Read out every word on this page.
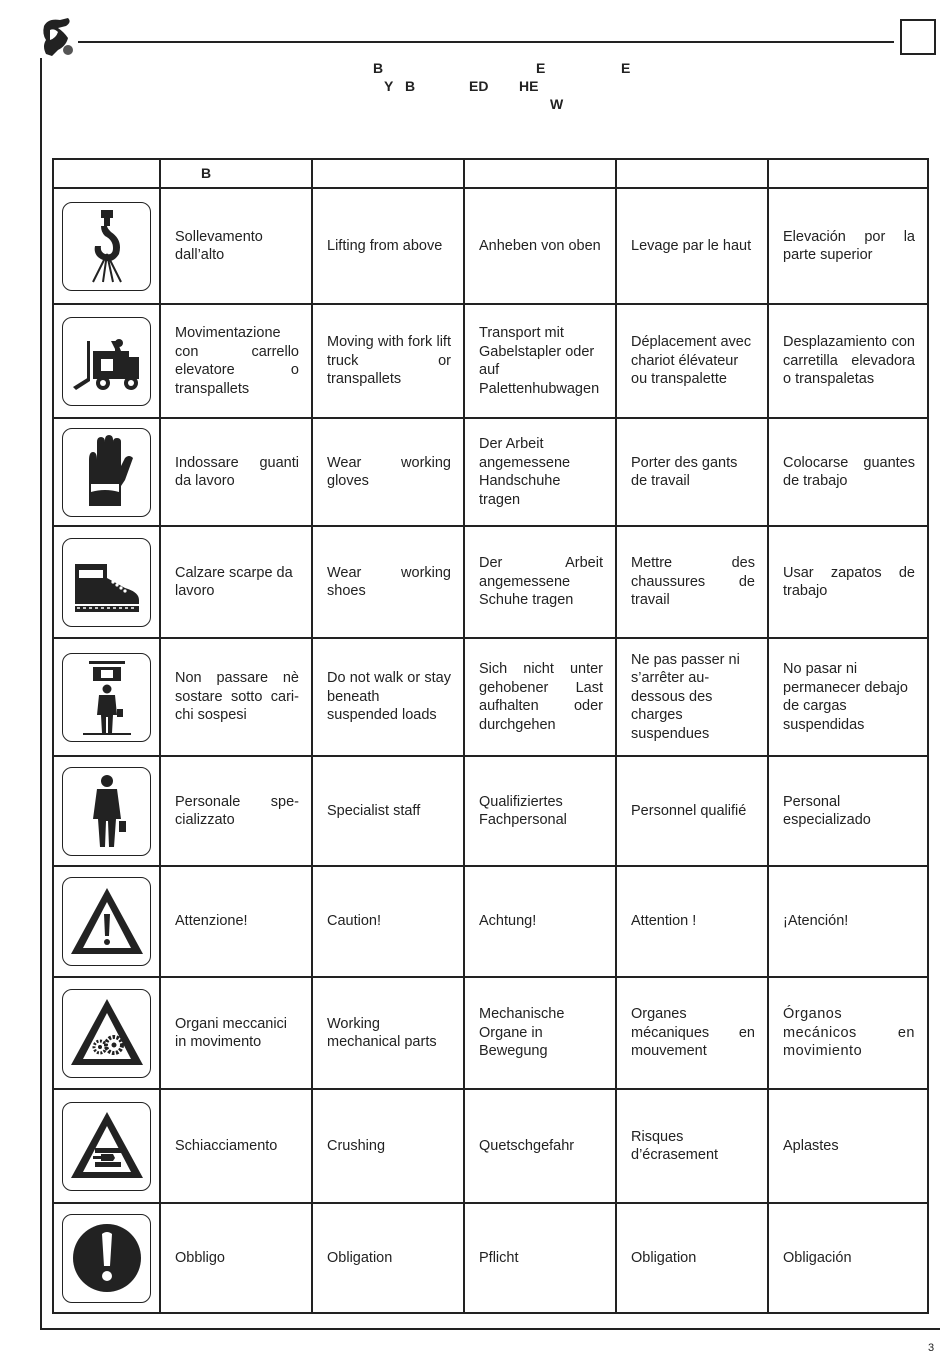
B	E	E
Y B	ED HE
W
	B				

	Sollevamento dall’alto	Lifting from above	Anheben von oben	Levage par le haut	Elevación por la parte superior

	Movimentazione con carrello elevatore o transpallets	Moving with fork lift truck or transpallets	Transport mit Gabelstapler oder auf Palettenhubwagen	Déplacement avec chariot élévateur ou transpalette	Desplazamiento con carretilla elevadora o transpaletas

	Indossare guanti da lavoro	Wear working gloves	Der Arbeit angemessene Handschuhe tragen	Porter des gants de travail	Colocarse guantes de trabajo

	Calzare scarpe da lavoro	Wear working shoes	Der Arbeit angemessene Schuhe tragen	Mettre des chaussures de travail	Usar zapatos de trabajo

	Non passare nè sostare sotto cari-chi sospesi	Do not walk or stay beneath suspended loads	Sich nicht unter gehobener Last aufhalten oder durchgehen	Ne pas passer ni s’arrêter au-dessous des charges suspendues	No pasar ni permanecer debajo de cargas suspendidas

	Personale spe-cializzato	Specialist staff	Qualifiziertes Fachpersonal	Personnel qualifié	Personal especializado

	Attenzione!	Caution!	Achtung!	Attention !	¡Atención!

	Organi meccanici in movimento	Working mechanical parts	Mechanische Organe in Bewegung	Organes mécaniques en mouvement	Órganos mecánicos en movimiento

	Schiacciamento	Crushing	Quetschgefahr	Risques d’écrasement	Aplastes

	Obbligo	Obligation	Pflicht	Obligation	Obligación
3
